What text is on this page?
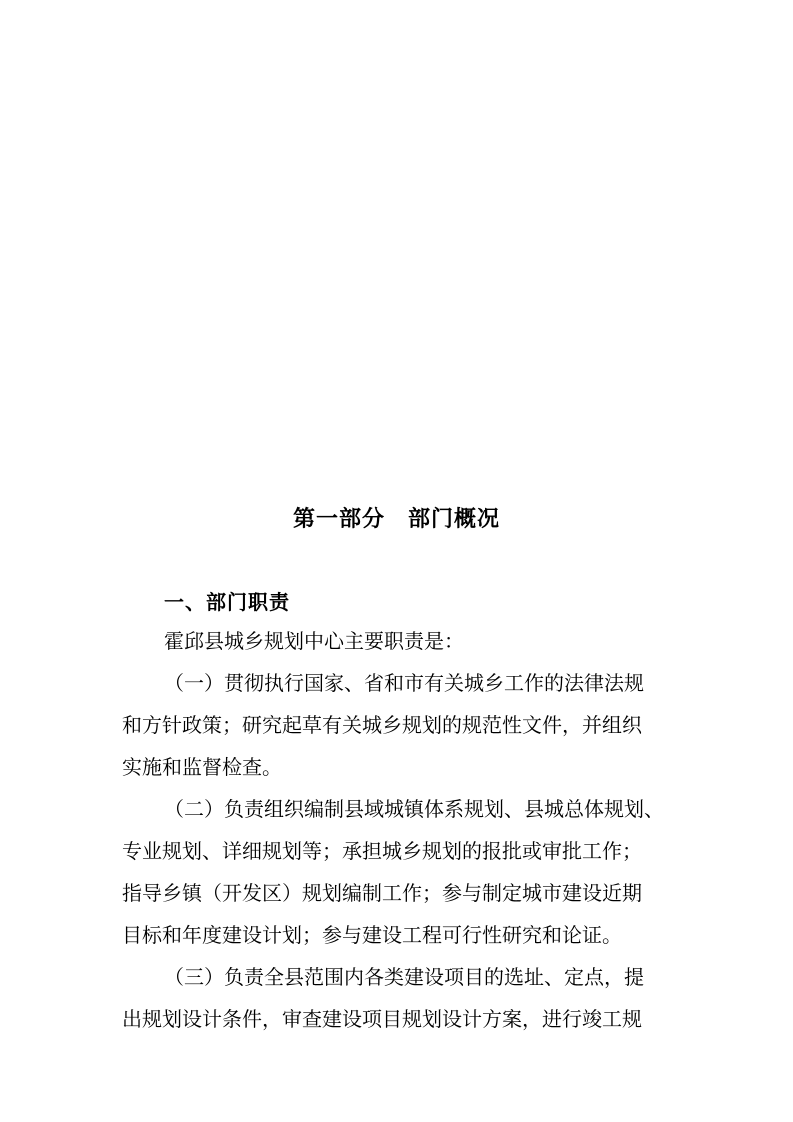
第一部分　部门概况
一、部门职责

霍邱县城乡规划中心主要职责是：

（一）贯彻执行国家、省和市有关城乡工作的法律法规

和方针政策；研究起草有关城乡规划的规范性文件，并组织

实施和监督检查。

（二）负责组织编制县域城镇体系规划、县城总体规划、

专业规划、详细规划等；承担城乡规划的报批或审批工作；

指导乡镇（开发区）规划编制工作；参与制定城市建设近期

目标和年度建设计划；参与建设工程可行性研究和论证。

（三）负责全县范围内各类建设项目的选址、定点，提

出规划设计条件，审查建设项目规划设计方案，进行竣工规
